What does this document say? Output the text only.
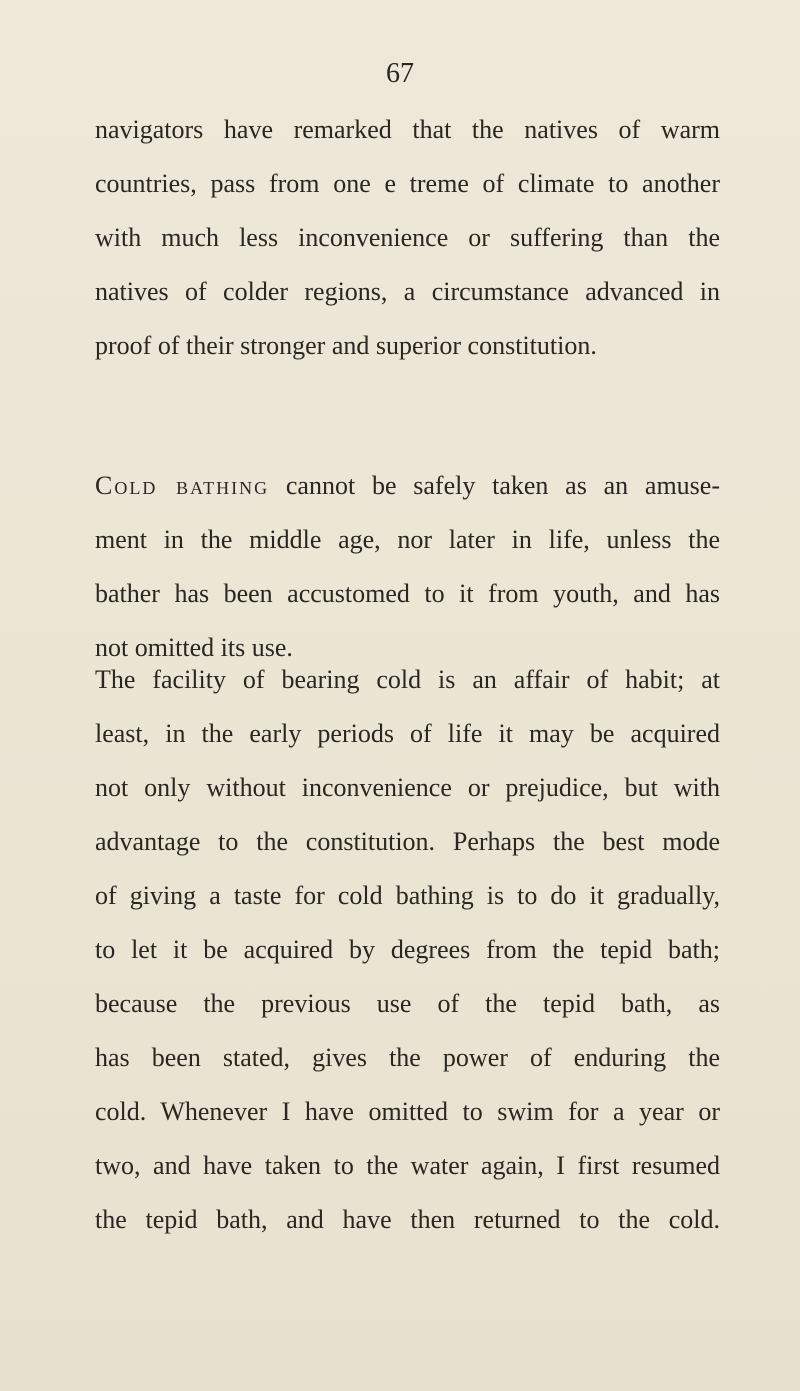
67

navigators have remarked that the natives of warm
countries, pass from one e treme of climate to another
with much less inconvenience or suffering than the
natives of colder regions, a circumstance advanced in
proof of their stronger and superior constitution.

Cold bathing cannot be safely taken as an amuse-
ment in the middle age, nor later in life, unless the
bather has been accustomed to it from youth, and has
not omitted its use.

The facility of bearing cold is an affair of habit; at
least, in the early periods of life it may be acquired
not only without inconvenience or prejudice, but with
advantage to the constitution. Perhaps the best mode
of giving a taste for cold bathing is to do it gradually,
to let it be acquired by degrees from the tepid bath;
because the previous use of the tepid bath, as
has been stated, gives the power of enduring the
cold. Whenever I have omitted to swim for a year or
two, and have taken to the water again, I first resumed
the tepid bath, and have then returned to the cold.
